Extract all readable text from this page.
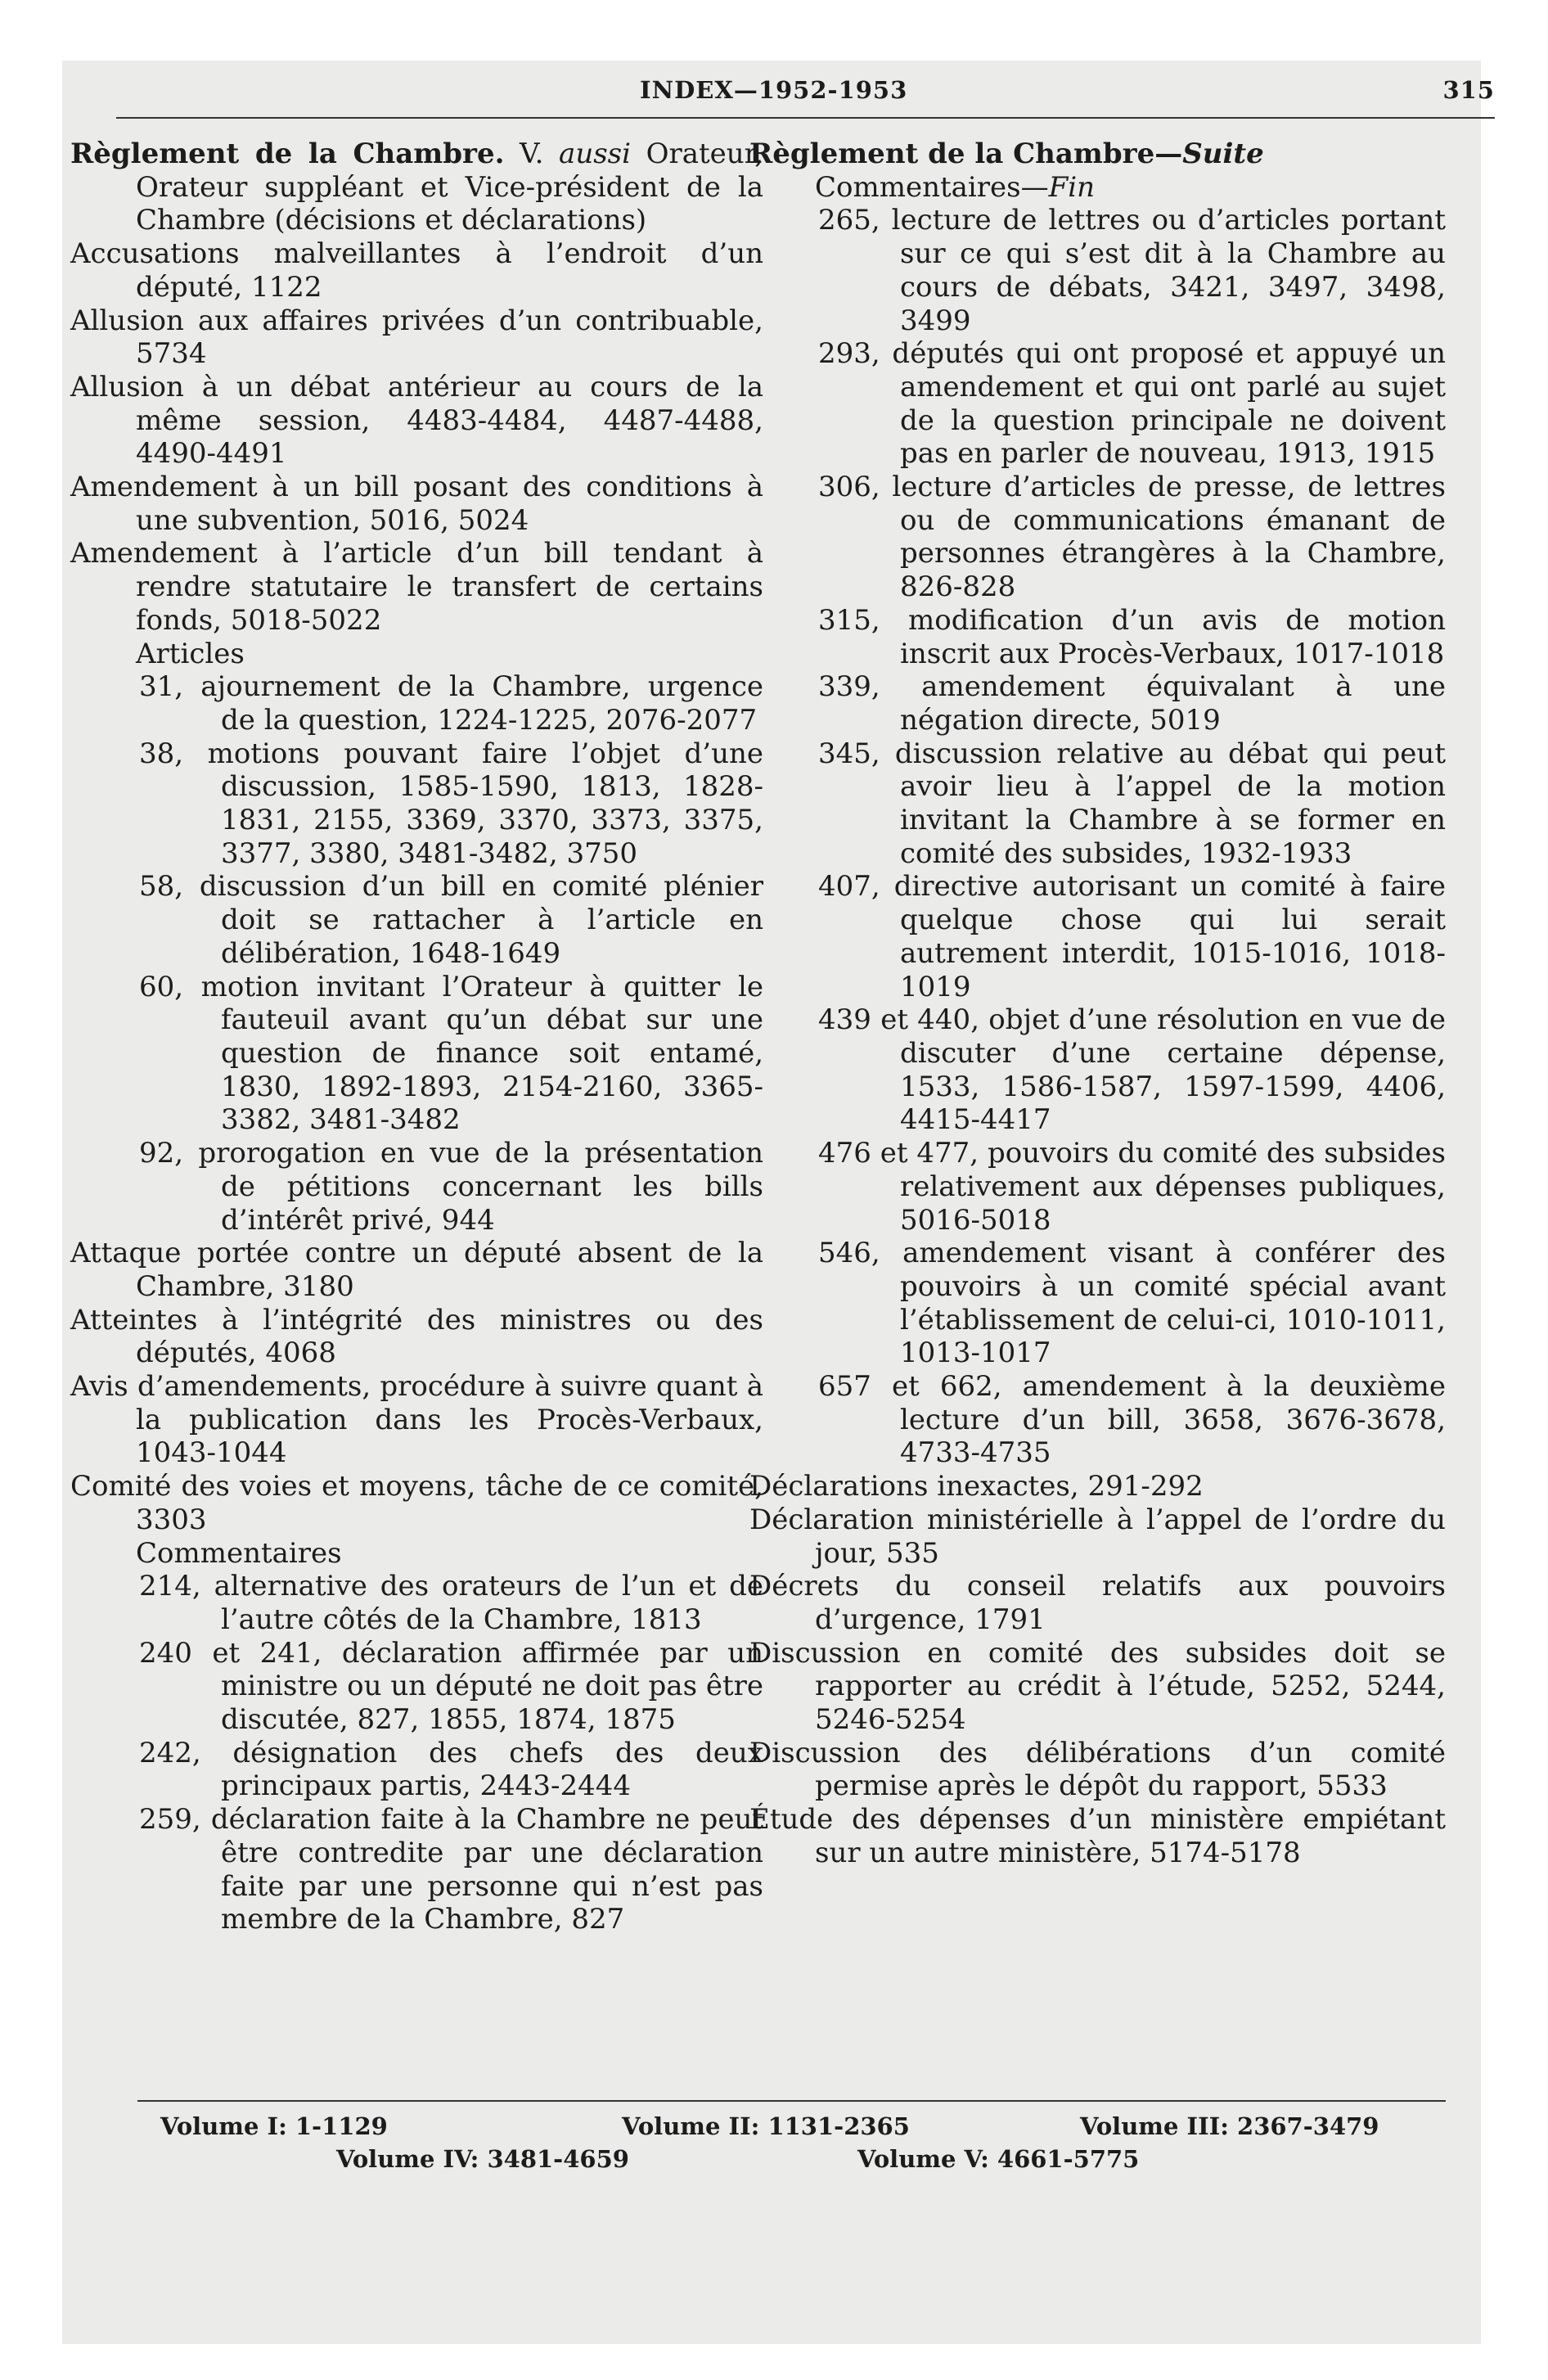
INDEX—1952-1953	315
Règlement de la Chambre. V. aussi Orateur, Orateur suppléant et Vice-président de la Chambre (décisions et déclarations)
Accusations malveillantes à l’endroit d’un député, 1122
Allusion aux affaires privées d’un contribuable, 5734
Allusion à un débat antérieur au cours de la même session, 4483-4484, 4487-4488, 4490-4491
Amendement à un bill posant des conditions à une subvention, 5016, 5024
Amendement à l’article d’un bill tendant à rendre statutaire le transfert de certains fonds, 5018-5022
Articles
31, ajournement de la Chambre, urgence de la question, 1224-1225, 2076-2077
38, motions pouvant faire l’objet d’une discussion, 1585-1590, 1813, 1828-1831, 2155, 3369, 3370, 3373, 3375, 3377, 3380, 3481-3482, 3750
58, discussion d’un bill en comité plénier doit se rattacher à l’article en délibération, 1648-1649
60, motion invitant l’Orateur à quitter le fauteuil avant qu’un débat sur une question de finance soit entamé, 1830, 1892-1893, 2154-2160, 3365-3382, 3481-3482
92, prorogation en vue de la présentation de pétitions concernant les bills d’intérêt privé, 944
Attaque portée contre un député absent de la Chambre, 3180
Atteintes à l’intégrité des ministres ou des députés, 4068
Avis d’amendements, procédure à suivre quant à la publication dans les Procès-Verbaux, 1043-1044
Comité des voies et moyens, tâche de ce comité, 3303
Commentaires
214, alternative des orateurs de l’un et de l’autre côtés de la Chambre, 1813
240 et 241, déclaration affirmée par un ministre ou un député ne doit pas être discutée, 827, 1855, 1874, 1875
242, désignation des chefs des deux principaux partis, 2443-2444
259, déclaration faite à la Chambre ne peut être contredite par une déclaration faite par une personne qui n’est pas membre de la Chambre, 827
Règlement de la Chambre—Suite
Commentaires—Fin
265, lecture de lettres ou d’articles portant sur ce qui s’est dit à la Chambre au cours de débats, 3421, 3497, 3498, 3499
293, députés qui ont proposé et appuyé un amendement et qui ont parlé au sujet de la question principale ne doivent pas en parler de nouveau, 1913, 1915
306, lecture d’articles de presse, de lettres ou de communications émanant de personnes étrangères à la Chambre, 826-828
315, modification d’un avis de motion inscrit aux Procès-Verbaux, 1017-1018
339, amendement équivalant à une négation directe, 5019
345, discussion relative au débat qui peut avoir lieu à l’appel de la motion invitant la Chambre à se former en comité des subsides, 1932-1933
407, directive autorisant un comité à faire quelque chose qui lui serait autrement interdit, 1015-1016, 1018-1019
439 et 440, objet d’une résolution en vue de discuter d’une certaine dépense, 1533, 1586-1587, 1597-1599, 4406, 4415-4417
476 et 477, pouvoirs du comité des subsides relativement aux dépenses publiques, 5016-5018
546, amendement visant à conférer des pouvoirs à un comité spécial avant l’établissement de celui-ci, 1010-1011, 1013-1017
657 et 662, amendement à la deuxième lecture d’un bill, 3658, 3676-3678, 4733-4735
Déclarations inexactes, 291-292
Déclaration ministérielle à l’appel de l’ordre du jour, 535
Décrets du conseil relatifs aux pouvoirs d’urgence, 1791
Discussion en comité des subsides doit se rapporter au crédit à l’étude, 5252, 5244, 5246-5254
Discussion des délibérations d’un comité permise après le dépôt du rapport, 5533
Étude des dépenses d’un ministère empiétant sur un autre ministère, 5174-5178
Volume I: 1-1129	Volume II: 1131-2365	Volume III: 2367-3479
Volume IV: 3481-4659	Volume V: 4661-5775
